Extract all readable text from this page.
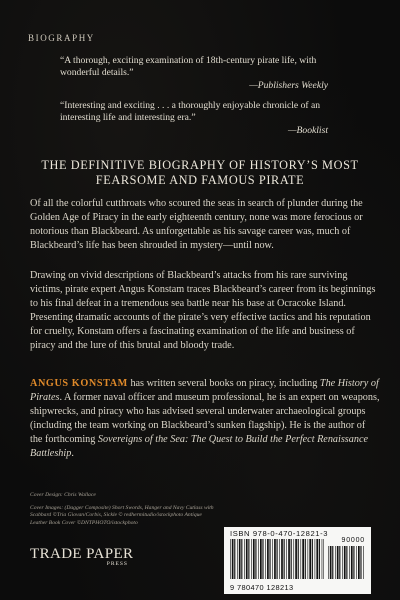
BIOGRAPHY
“A thorough, exciting examination of 18th-century pirate life, with wonderful details.”
—Publishers Weekly
“Interesting and exciting . . . a thoroughly enjoyable chronicle of an interesting life and interesting era.”
—Booklist
THE DEFINITIVE BIOGRAPHY OF HISTORY’S MOST FEARSOME AND FAMOUS PIRATE
Of all the colorful cutthroats who scoured the seas in search of plunder during the Golden Age of Piracy in the early eighteenth century, none was more ferocious or notorious than Blackbeard. As unforgettable as his savage career was, much of Blackbeard’s life has been shrouded in mystery—until now.
Drawing on vivid descriptions of Blackbeard’s attacks from his rare surviving victims, pirate expert Angus Konstam traces Blackbeard’s career from its beginnings to his final defeat in a tremendous sea battle near his base at Ocracoke Island. Presenting dramatic accounts of the pirate’s very effective tactics and his reputation for cruelty, Konstam offers a fascinating examination of the life and business of piracy and the lure of this brutal and bloody trade.
ANGUS KONSTAM has written several books on piracy, including The History of Pirates. A former naval officer and museum professional, he is an expert on weapons, shipwrecks, and piracy who has advised several underwater archaeological groups (including the team working on Blackbeard’s sunken flagship). He is the author of the forthcoming Sovereigns of the Sea: The Quest to Build the Perfect Renaissance Battleship.
Cover Design: Chris Wallace
Cover Images: (Dagger Composite) Short Swords, Hanger and Navy Cutlass with Scabbard ©Tria Giovan/Corbis, Sickle © redhermitudio/istockphoto Antique Leather Book Cover ©DNTPHOTO/istockphoto
TRADE PAPER
PRESS
ISBN 978-0-470-12821-3
90000
9 780470 128213
